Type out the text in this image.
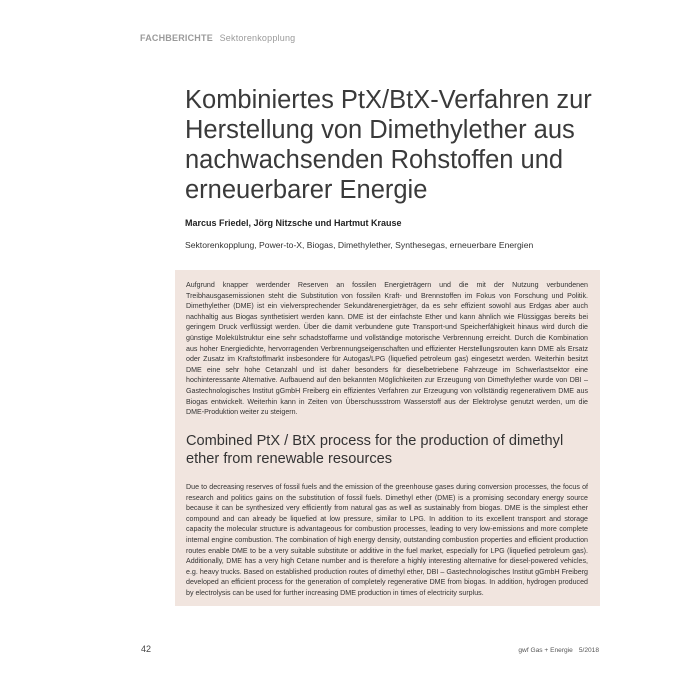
FACHBERICHTE Sektorenkopplung
Kombiniertes PtX/BtX-Verfahren zur Herstellung von Dimethylether aus nachwachsenden Rohstoffen und erneuerbarer Energie
Marcus Friedel, Jörg Nitzsche und Hartmut Krause
Sektorenkopplung, Power-to-X, Biogas, Dimethylether, Synthesegas, erneuerbare Energien

Aufgrund knapper werdender Reserven an fossilen Energieträgern und die mit der Nutzung verbundenen Treibhausgasemissionen steht die Substitution von fossilen Kraft- und Brennstoffen im Fokus von Forschung und Politik. Dimethylether (DME) ist ein vielversprechender Sekundärenergieträger, da es sehr effizient sowohl aus Erdgas aber auch nachhaltig aus Biogas synthetisiert werden kann. DME ist der einfachste Ether und kann ähnlich wie Flüssiggas bereits bei geringem Druck verflüssigt werden. Über die damit verbundene gute Transport-und Speicherfähigkeit hinaus wird durch die günstige Molekülstruktur eine sehr schadstoffarme und vollständige motorische Verbrennung erreicht. Durch die Kombination aus hoher Energiedichte, hervorragenden Verbrennungseigenschaften und effizienter Herstellungsrouten kann DME als Ersatz oder Zusatz im Kraftstoffmarkt insbesondere für Autogas/LPG (liquefied petroleum gas) eingesetzt werden. Weiterhin besitzt DME eine sehr hohe Cetanzahl und ist daher besonders für dieselbetriebene Fahrzeuge im Schwerlastsektor eine hochinteressante Alternative. Aufbauend auf den bekannten Möglichkeiten zur Erzeugung von Dimethylether wurde von DBI – Gastechnologisches Institut gGmbH Freiberg ein effizientes Verfahren zur Erzeugung von vollständig regenerativem DME aus Biogas entwickelt. Weiterhin kann in Zeiten von Überschussstrom Wasserstoff aus der Elektrolyse genutzt werden, um die DME-Produktion weiter zu steigern.

Combined PtX / BtX process for the production of dimethyl ether from renewable resources

Due to decreasing reserves of fossil fuels and the emission of the greenhouse gases during conversion processes, the focus of research and politics gains on the substitution of fossil fuels. Dimethyl ether (DME) is a promising secondary energy source because it can be synthesized very efficiently from natural gas as well as sustainably from biogas. DME is the simplest ether compound and can already be liquefied at low pressure, similar to LPG. In addition to its excellent transport and storage capacity the molecular structure is advantageous for combustion processes, leading to very low-emissions and more complete internal engine combustion. The combination of high energy density, outstanding combustion properties and efficient production routes enable DME to be a very suitable substitute or additive in the fuel market, especially for LPG (liquefied petroleum gas). Additionally, DME has a very high Cetane number and is therefore a highly interesting alternative for diesel-powered vehicles, e.g. heavy trucks. Based on established production routes of dimethyl ether, DBI – Gastechnologisches Institut gGmbH Freiberg developed an efficient process for the generation of completely regenerative DME from biogas. In addition, hydrogen produced by electrolysis can be used for further increasing DME production in times of electricity surplus.

42	gwf Gas + Energie 5/2018
